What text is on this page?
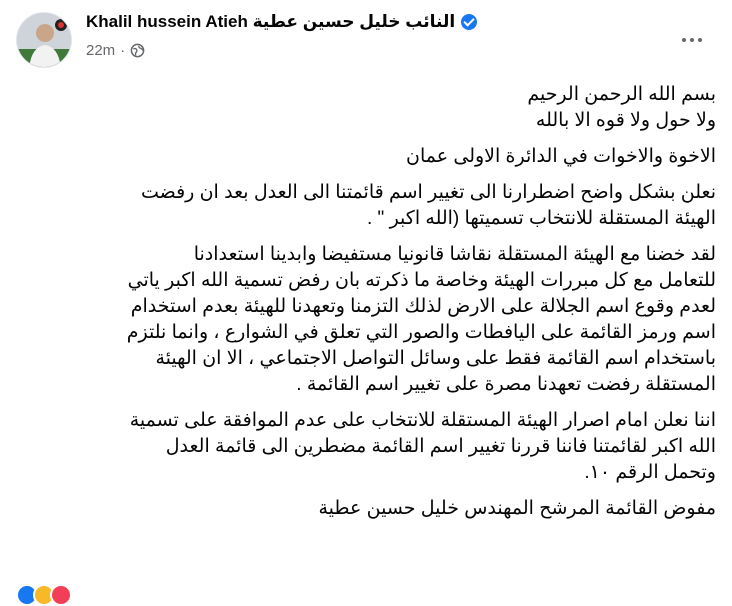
Khalil hussein Atieh النائب خليل حسين عطية
22m ·

بسم الله الرحمن الرحيم
ولا حول ولا قوه الا بالله

الاخوة والاخوات في الدائرة الاولى عمان

نعلن بشكل واضح اضطرارنا الى تغيير اسم قائمتنا الى العدل بعد ان رفضت
الهيئة المستقلة للانتخاب تسميتها (الله اكبر " .

لقد خضنا مع الهيئة المستقلة نقاشا قانونيا مستفيضا وابدينا استعدادنا
للتعامل مع كل مبررات الهيئة وخاصة ما ذكرته بان رفض تسمية الله اكبر ياتي
لعدم وقوع اسم الجلالة على الارض لذلك التزمنا وتعهدنا للهيئة بعدم استخدام
اسم ورمز القائمة على اليافطات والصور التي تعلق في الشوارع ، وانما نلتزم
باستخدام اسم القائمة فقط على وسائل التواصل الاجتماعي ، الا ان الهيئة
المستقلة رفضت تعهدنا مصرة على تغيير اسم القائمة .

اننا نعلن امام اصرار الهيئة المستقلة للانتخاب على عدم الموافقة على تسمية
الله اكبر لقائمتنا فاننا قررنا تغيير اسم القائمة مضطرين الى قائمة العدل
وتحمل الرقم ١٠.

مفوض القائمة المرشح المهندس خليل حسين عطية
